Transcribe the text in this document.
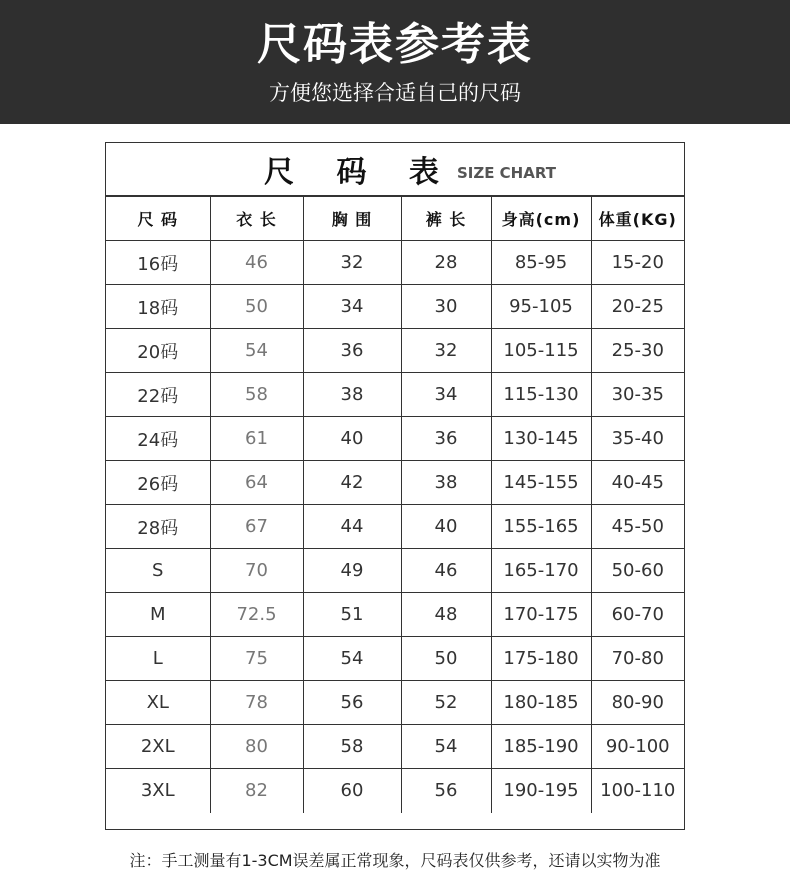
尺码表参考表
方便您选择合适自己的尺码
尺 码 表 SIZE CHART
尺 码	衣 长	胸 围	裤 长	身高(cm)	体重(KG)
16码	46	32	28	85-95	15-20
18码	50	34	30	95-105	20-25
20码	54	36	32	105-115	25-30
22码	58	38	34	115-130	30-35
24码	61	40	36	130-145	35-40
26码	64	42	38	145-155	40-45
28码	67	44	40	155-165	45-50
S	70	49	46	165-170	50-60
M	72.5	51	48	170-175	60-70
L	75	54	50	175-180	70-80
XL	78	56	52	180-185	80-90
2XL	80	58	54	185-190	90-100
3XL	82	60	56	190-195	100-110
注：手工测量有1-3CM误差属正常现象，尺码表仅供参考，还请以实物为准
